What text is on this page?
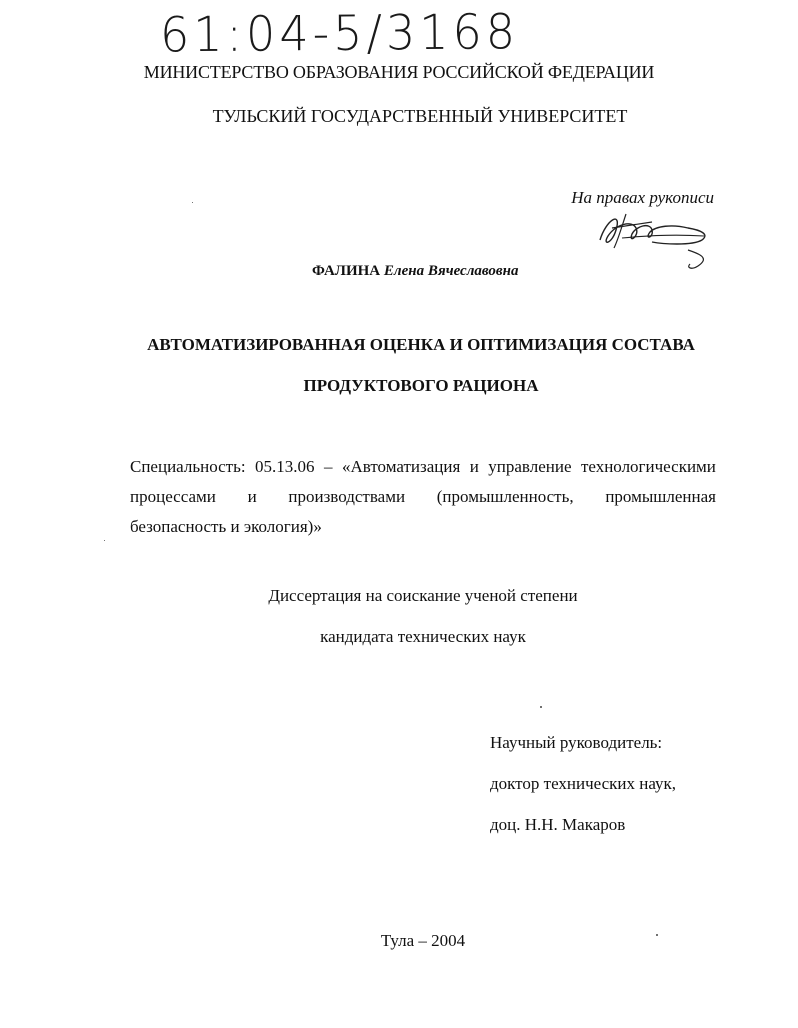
61:04-5/3168
МИНИСТЕРСТВО ОБРАЗОВАНИЯ РОССИЙСКОЙ ФЕДЕРАЦИИ
ТУЛЬСКИЙ ГОСУДАРСТВЕННЫЙ УНИВЕРСИТЕТ
На правах рукописи
ФАЛИНА Елена Вячеславовна
АВТОМАТИЗИРОВАННАЯ ОЦЕНКА И ОПТИМИЗАЦИЯ СОСТАВА
ПРОДУКТОВОГО РАЦИОНА
Специальность: 05.13.06 – «Автоматизация и управление технологическими
процессами и производствами (промышленность, промышленная
безопасность и экология)»
Диссертация на соискание ученой степени
кандидата технических наук
Научный руководитель:
доктор технических наук,
доц. Н.Н. Макаров
Тула – 2004
